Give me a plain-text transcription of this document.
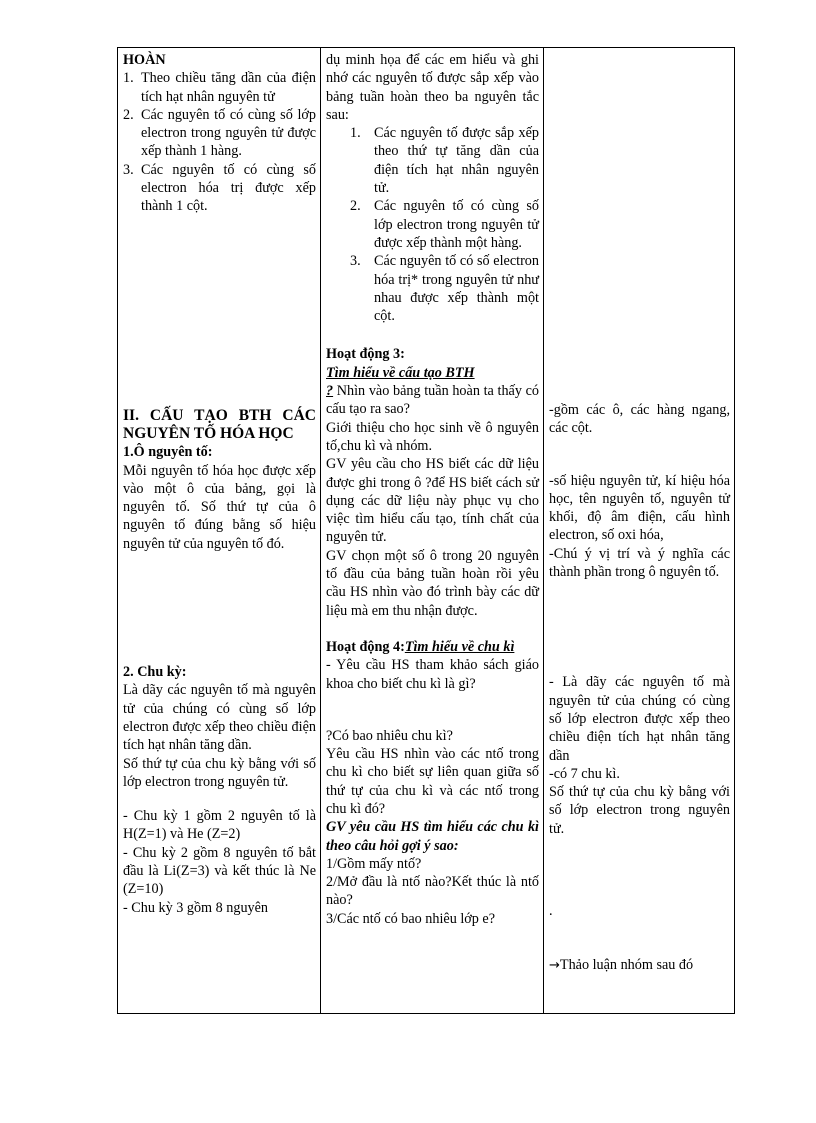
HOÀN

1. Theo chiều tăng dần của điện tích hạt nhân nguyên tử
2. Các nguyên tố có cùng số lớp electron trong nguyên tử được xếp thành 1 hàng.
3. Các nguyên tố có cùng số electron hóa trị được xếp thành 1 cột.

II. CẤU TẠO BTH CÁC NGUYÊN TỐ HÓA HỌC

1.Ô nguyên tố:

Mỗi nguyên tố hóa học được xếp vào một ô của bảng, gọi là nguyên tố. Số thứ tự của ô nguyên tố đúng bằng số hiệu nguyên tử của nguyên tố đó.

2. Chu kỳ:

Là dãy các nguyên tố mà nguyên tử của chúng có cùng số lớp electron được xếp theo chiều điện tích hạt nhân tăng dần.

Số thứ tự của chu kỳ bằng với số lớp electron trong nguyên tử.

- Chu kỳ 1 gồm 2 nguyên tố là H(Z=1) và He (Z=2)

- Chu kỳ 2 gồm 8 nguyên tố bắt đầu là Li(Z=3) và kết thúc là Ne (Z=10)

- Chu kỳ 3 gồm 8 nguyên

dụ minh họa để các em hiểu và ghi nhớ các nguyên tố được sắp xếp vào bảng tuần hoàn theo ba nguyên tắc sau:

1. Các nguyên tố được sắp xếp theo thứ tự tăng dần của điện tích hạt nhân nguyên tử.
2. Các nguyên tố có cùng số lớp electron trong nguyên tử được xếp thành một hàng.
3. Các nguyên tố có số electron hóa trị* trong nguyên tử như nhau được xếp thành một cột.

Hoạt động 3:

Tìm hiểu về cấu tạo BTH

? Nhìn vào bảng tuần hoàn ta thấy có cấu tạo ra sao?

Giới thiệu cho học sinh về ô nguyên tố,chu kì và nhóm.

GV yêu cầu cho HS biết các dữ liệu được ghi trong ô ?để HS biết cách sử dụng các dữ liệu này phục vụ cho việc tìm hiểu cấu tạo, tính chất của nguyên tử.

GV chọn một số ô trong 20 nguyên tố đầu của bảng tuần hoàn rồi yêu cầu HS nhìn vào đó trình bày các dữ liệu mà em thu nhận được.

Hoạt động 4:Tìm hiểu về chu kì

- Yêu cầu HS tham khảo sách giáo khoa cho biết chu kì là gì?

?Có bao nhiêu chu kì?

Yêu cầu HS nhìn vào các ntố trong chu kì cho biết sự liên quan giữa số thứ tự của chu kì và các ntố trong chu kì đó?

GV yêu cầu HS tìm hiểu các chu kì theo câu hỏi gợi ý sao:

1/Gồm mấy ntố?

2/Mở đầu là ntố nào?Kết thúc là ntố nào?

3/Các ntố có bao nhiêu lớp e?

-gồm các ô, các hàng ngang, các cột.

-số hiệu nguyên tử, kí hiệu hóa học, tên nguyên tố, nguyên tử khối, độ âm điện, cấu hình electron, số oxi hóa,

-Chú ý vị trí và ý nghĩa các thành phần trong ô nguyên tố.

- Là dãy các nguyên tố mà nguyên tử của chúng có cùng số lớp electron được xếp theo chiều điện tích hạt nhân tăng dần

-có 7 chu kì.

Số thứ tự của chu kỳ bằng với số lớp electron trong nguyên tử.

.

→Thảo luận nhóm sau đó
